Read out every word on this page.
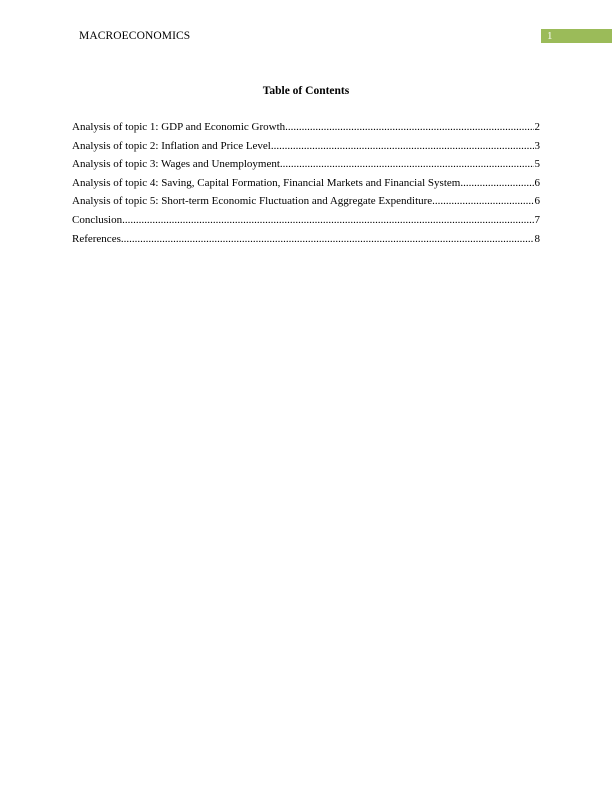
MACROECONOMICS	1
Table of Contents
Analysis of topic 1: GDP and Economic Growth .....	2
Analysis of topic 2: Inflation and Price Level .....	3
Analysis of topic 3: Wages and Unemployment .....	5
Analysis of topic 4: Saving, Capital Formation, Financial Markets and Financial System .....	6
Analysis of topic 5: Short-term Economic Fluctuation and Aggregate Expenditure .....	6
Conclusion .....	7
References .....	8
